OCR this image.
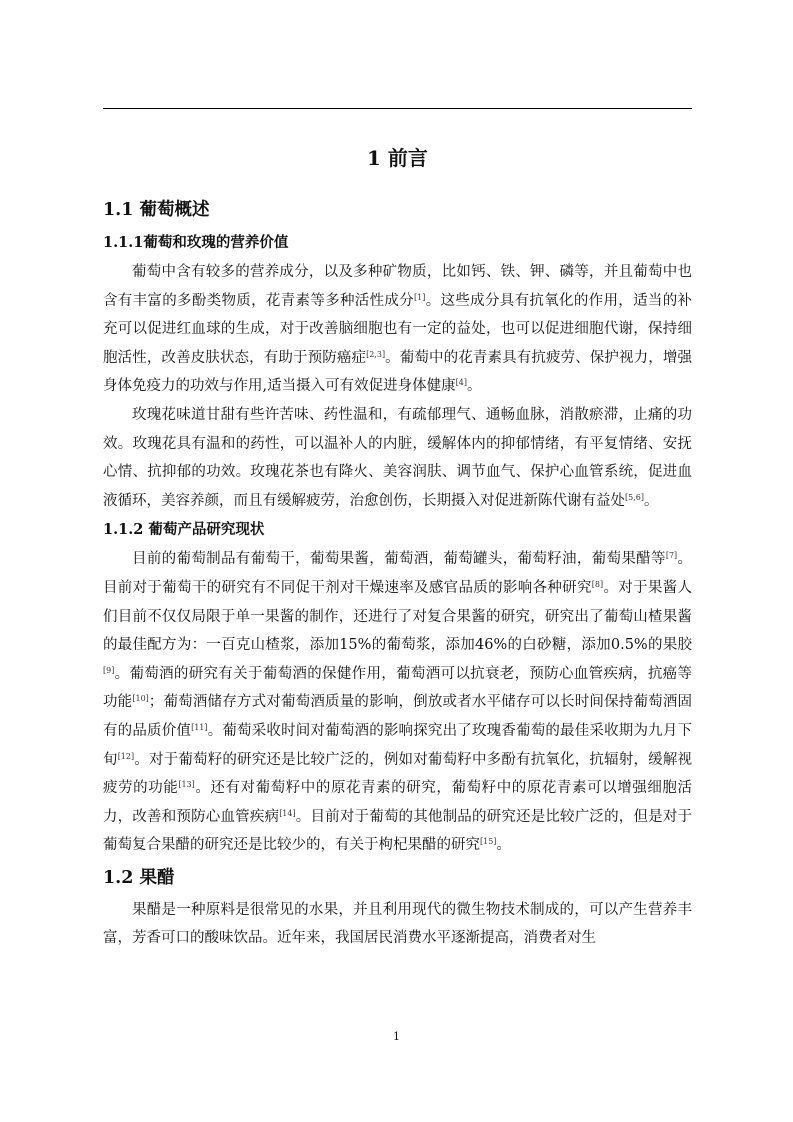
1 前言
1.1 葡萄概述
1.1.1葡萄和玫瑰的营养价值

葡萄中含有较多的营养成分，以及多种矿物质，比如钙、铁、钾、磷等，并且葡萄中也含有丰富的多酚类物质，花青素等多种活性成分[1]。这些成分具有抗氧化的作用，适当的补充可以促进红血球的生成，对于改善脑细胞也有一定的益处，也可以促进细胞代谢，保持细胞活性，改善皮肤状态，有助于预防癌症[2,3]。葡萄中的花青素具有抗疲劳、保护视力，增强身体免疫力的功效与作用,适当摄入可有效促进身体健康[4]。

玫瑰花味道甘甜有些许苦味、药性温和，有疏郁理气、通畅血脉，消散瘀滞，止痛的功效。玫瑰花具有温和的药性，可以温补人的内脏，缓解体内的抑郁情绪，有平复情绪、安抚心情、抗抑郁的功效。玫瑰花茶也有降火、美容润肤、调节血气、保护心血管系统，促进血液循环，美容养颜，而且有缓解疲劳，治愈创伤，长期摄入对促进新陈代谢有益处[5,6]。

1.1.2 葡萄产品研究现状

目前的葡萄制品有葡萄干，葡萄果酱，葡萄酒，葡萄罐头，葡萄籽油，葡萄果醋等[7]。目前对于葡萄干的研究有不同促干剂对干燥速率及感官品质的影响各种研究[8]。对于果酱人们目前不仅仅局限于单一果酱的制作，还进行了对复合果酱的研究，研究出了葡萄山楂果酱的最佳配方为：一百克山楂浆，添加15%的葡萄浆，添加46%的白砂糖，添加0.5%的果胶[9]。葡萄酒的研究有关于葡萄酒的保健作用，葡萄酒可以抗衰老，预防心血管疾病，抗癌等功能[10]；葡萄酒储存方式对葡萄酒质量的影响，倒放或者水平储存可以长时间保持葡萄酒固有的品质价值[11]。葡萄采收时间对葡萄酒的影响探究出了玫瑰香葡萄的最佳采收期为九月下旬[12]。对于葡萄籽的研究还是比较广泛的，例如对葡萄籽中多酚有抗氧化，抗辐射，缓解视疲劳的功能[13]。还有对葡萄籽中的原花青素的研究，葡萄籽中的原花青素可以增强细胞活力，改善和预防心血管疾病[14]。目前对于葡萄的其他制品的研究还是比较广泛的，但是对于葡萄复合果醋的研究还是比较少的，有关于枸杞果醋的研究[15]。

1.2 果醋

果醋是一种原料是很常见的水果，并且利用现代的微生物技术制成的，可以产生营养丰富，芳香可口的酸味饮品。近年来，我国居民消费水平逐渐提高，消费者对生

1
